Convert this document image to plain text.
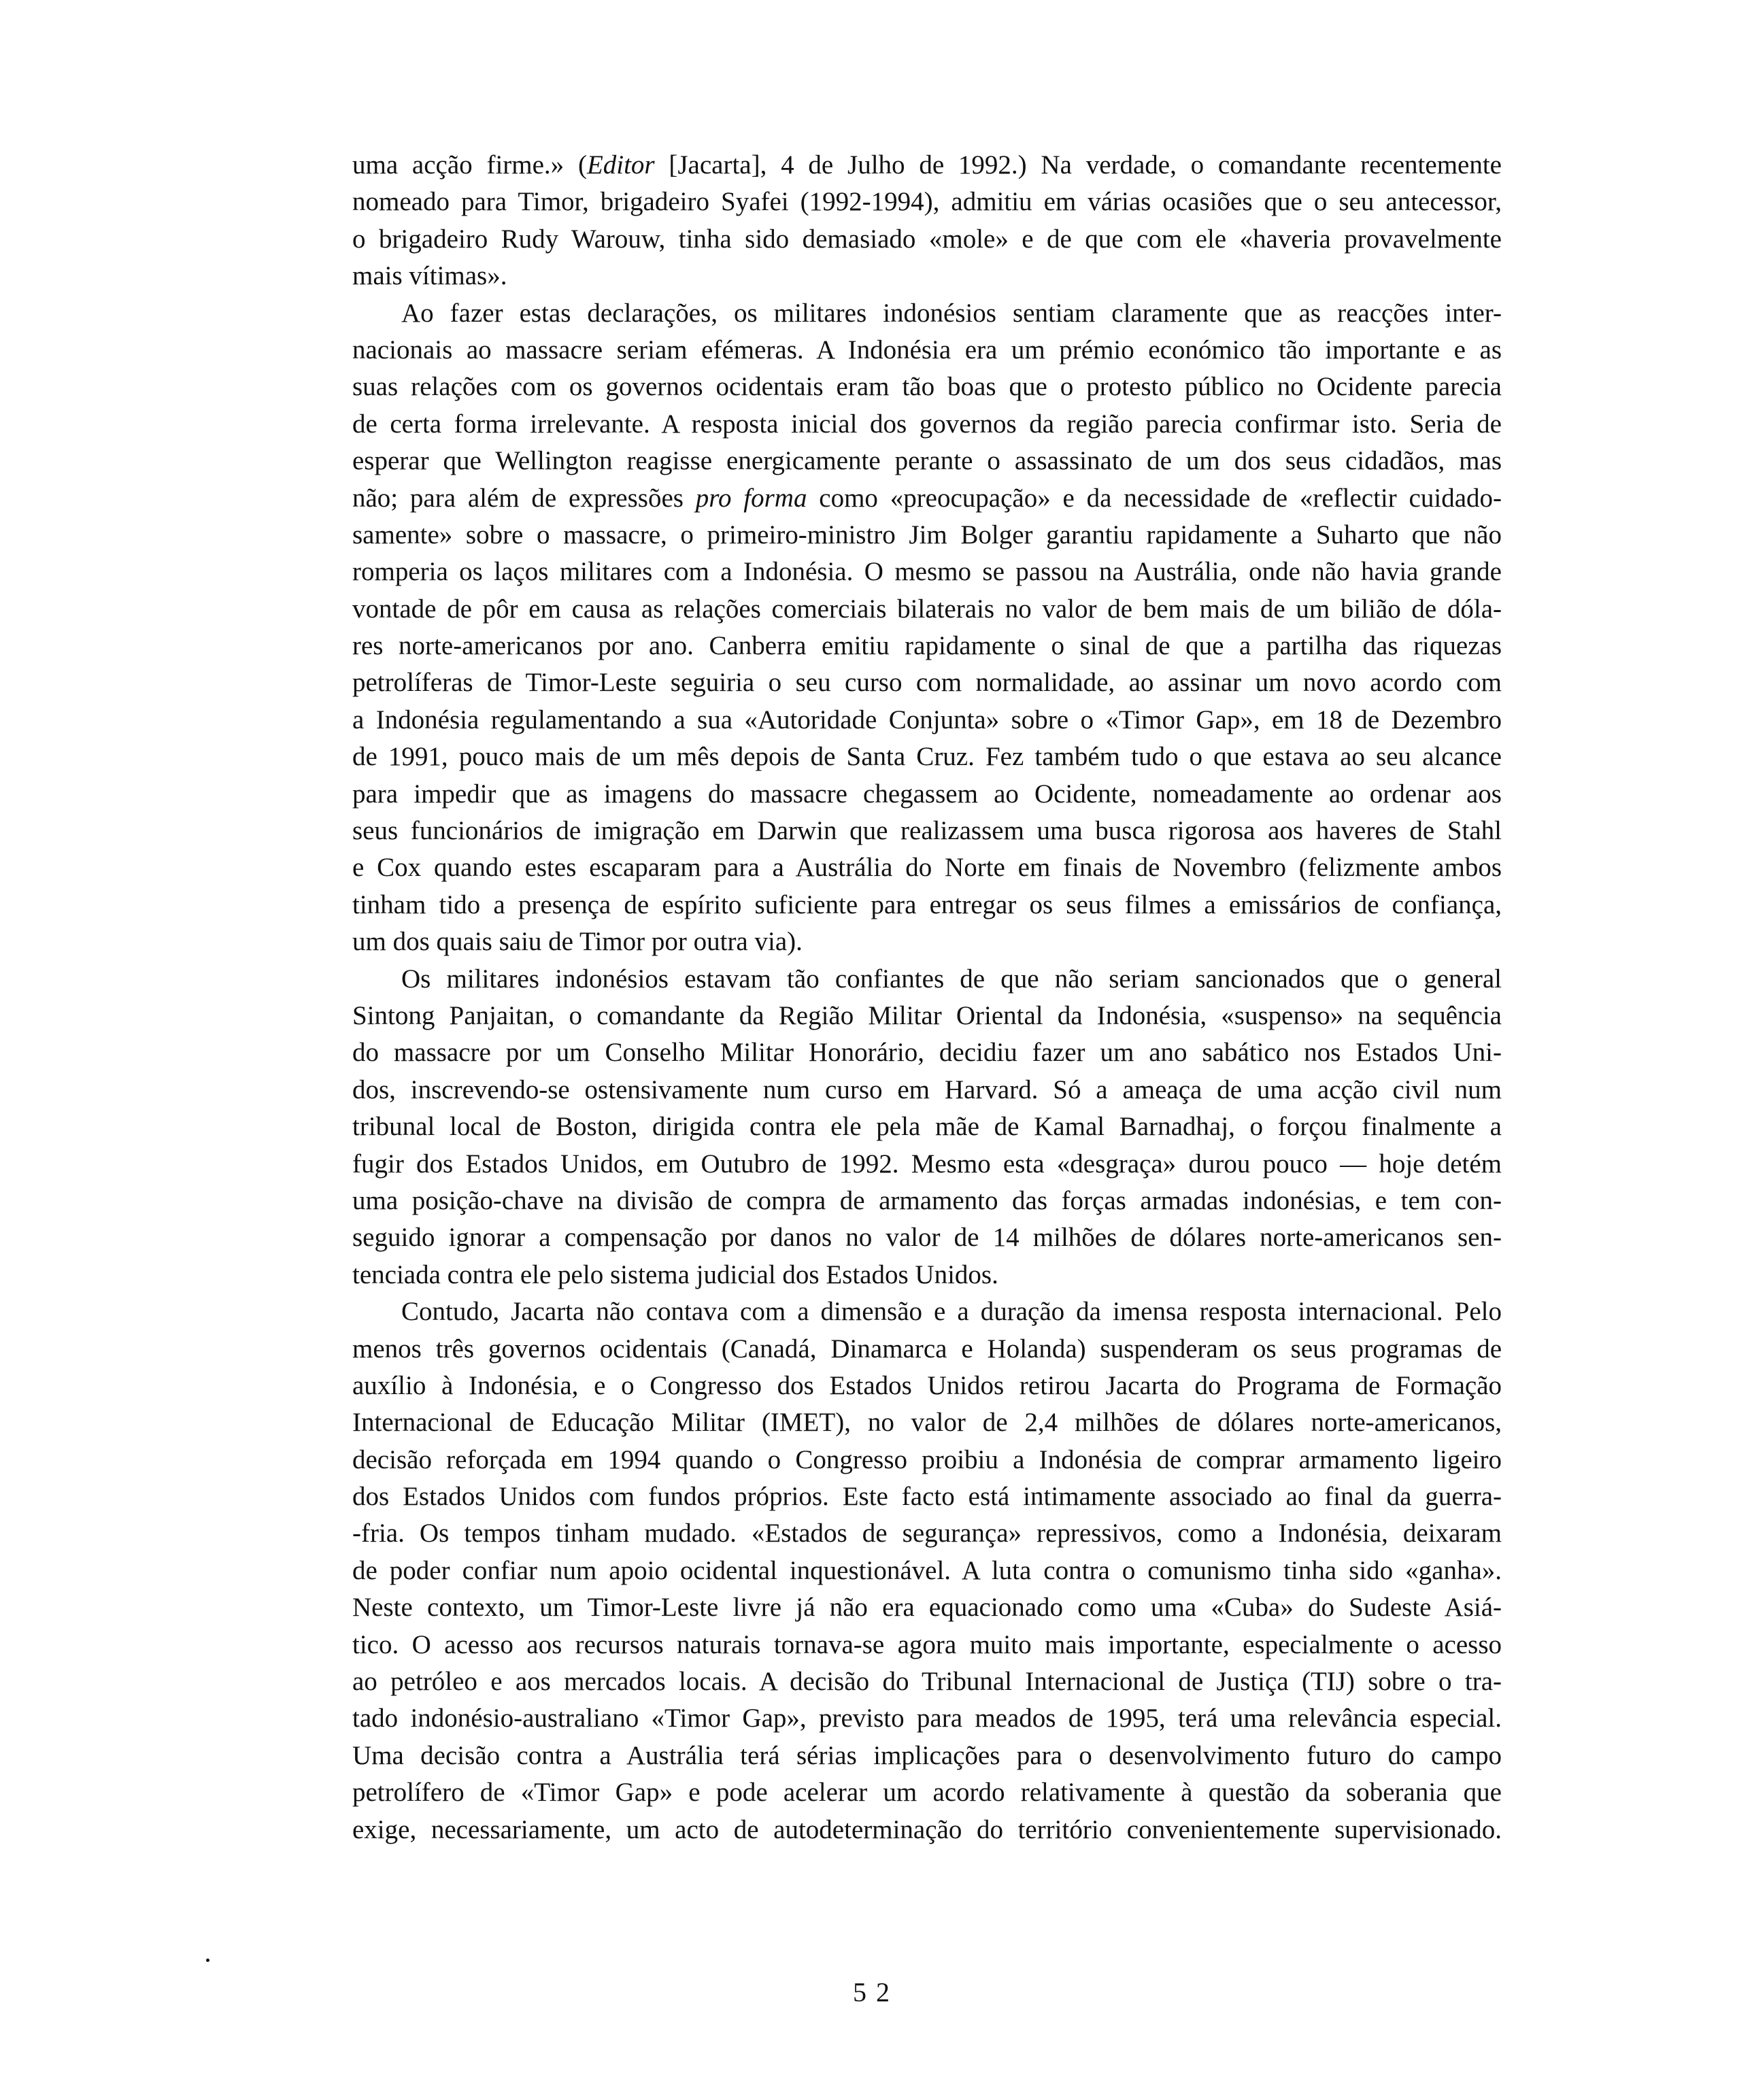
uma acção firme.» (Editor [Jacarta], 4 de Julho de 1992.) Na verdade, o comandante recentemente
nomeado para Timor, brigadeiro Syafei (1992-1994), admitiu em várias ocasiões que o seu antecessor,
o brigadeiro Rudy Warouw, tinha sido demasiado «mole» e de que com ele «haveria provavelmente
mais vítimas».
Ao fazer estas declarações, os militares indonésios sentiam claramente que as reacções inter-
nacionais ao massacre seriam efémeras. A Indonésia era um prémio económico tão importante e as
suas relações com os governos ocidentais eram tão boas que o protesto público no Ocidente parecia
de certa forma irrelevante. A resposta inicial dos governos da região parecia confirmar isto. Seria de
esperar que Wellington reagisse energicamente perante o assassinato de um dos seus cidadãos, mas
não; para além de expressões pro forma como «preocupação» e da necessidade de «reflectir cuidado-
samente» sobre o massacre, o primeiro-ministro Jim Bolger garantiu rapidamente a Suharto que não
romperia os laços militares com a Indonésia. O mesmo se passou na Austrália, onde não havia grande
vontade de pôr em causa as relações comerciais bilaterais no valor de bem mais de um bilião de dóla-
res norte-americanos por ano. Canberra emitiu rapidamente o sinal de que a partilha das riquezas
petrolíferas de Timor-Leste seguiria o seu curso com normalidade, ao assinar um novo acordo com
a Indonésia regulamentando a sua «Autoridade Conjunta» sobre o «Timor Gap», em 18 de Dezembro
de 1991, pouco mais de um mês depois de Santa Cruz. Fez também tudo o que estava ao seu alcance
para impedir que as imagens do massacre chegassem ao Ocidente, nomeadamente ao ordenar aos
seus funcionários de imigração em Darwin que realizassem uma busca rigorosa aos haveres de Stahl
e Cox quando estes escaparam para a Austrália do Norte em finais de Novembro (felizmente ambos
tinham tido a presença de espírito suficiente para entregar os seus filmes a emissários de confiança,
um dos quais saiu de Timor por outra via).
Os militares indonésios estavam tão confiantes de que não seriam sancionados que o general
Sintong Panjaitan, o comandante da Região Militar Oriental da Indonésia, «suspenso» na sequência
do massacre por um Conselho Militar Honorário, decidiu fazer um ano sabático nos Estados Uni-
dos, inscrevendo-se ostensivamente num curso em Harvard. Só a ameaça de uma acção civil num
tribunal local de Boston, dirigida contra ele pela mãe de Kamal Barnadhaj, o forçou finalmente a
fugir dos Estados Unidos, em Outubro de 1992. Mesmo esta «desgraça» durou pouco — hoje detém
uma posição-chave na divisão de compra de armamento das forças armadas indonésias, e tem con-
seguido ignorar a compensação por danos no valor de 14 milhões de dólares norte-americanos sen-
tenciada contra ele pelo sistema judicial dos Estados Unidos.
Contudo, Jacarta não contava com a dimensão e a duração da imensa resposta internacional. Pelo
menos três governos ocidentais (Canadá, Dinamarca e Holanda) suspenderam os seus programas de
auxílio à Indonésia, e o Congresso dos Estados Unidos retirou Jacarta do Programa de Formação
Internacional de Educação Militar (IMET), no valor de 2,4 milhões de dólares norte-americanos,
decisão reforçada em 1994 quando o Congresso proibiu a Indonésia de comprar armamento ligeiro
dos Estados Unidos com fundos próprios. Este facto está intimamente associado ao final da guerra-
-fria. Os tempos tinham mudado. «Estados de segurança» repressivos, como a Indonésia, deixaram
de poder confiar num apoio ocidental inquestionável. A luta contra o comunismo tinha sido «ganha».
Neste contexto, um Timor-Leste livre já não era equacionado como uma «Cuba» do Sudeste Asiá-
tico. O acesso aos recursos naturais tornava-se agora muito mais importante, especialmente o acesso
ao petróleo e aos mercados locais. A decisão do Tribunal Internacional de Justiça (TIJ) sobre o tra-
tado indonésio-australiano «Timor Gap», previsto para meados de 1995, terá uma relevância especial.
Uma decisão contra a Austrália terá sérias implicações para o desenvolvimento futuro do campo
petrolífero de «Timor Gap» e pode acelerar um acordo relativamente à questão da soberania que
exige, necessariamente, um acto de autodeterminação do território convenientemente supervisionado.
52
